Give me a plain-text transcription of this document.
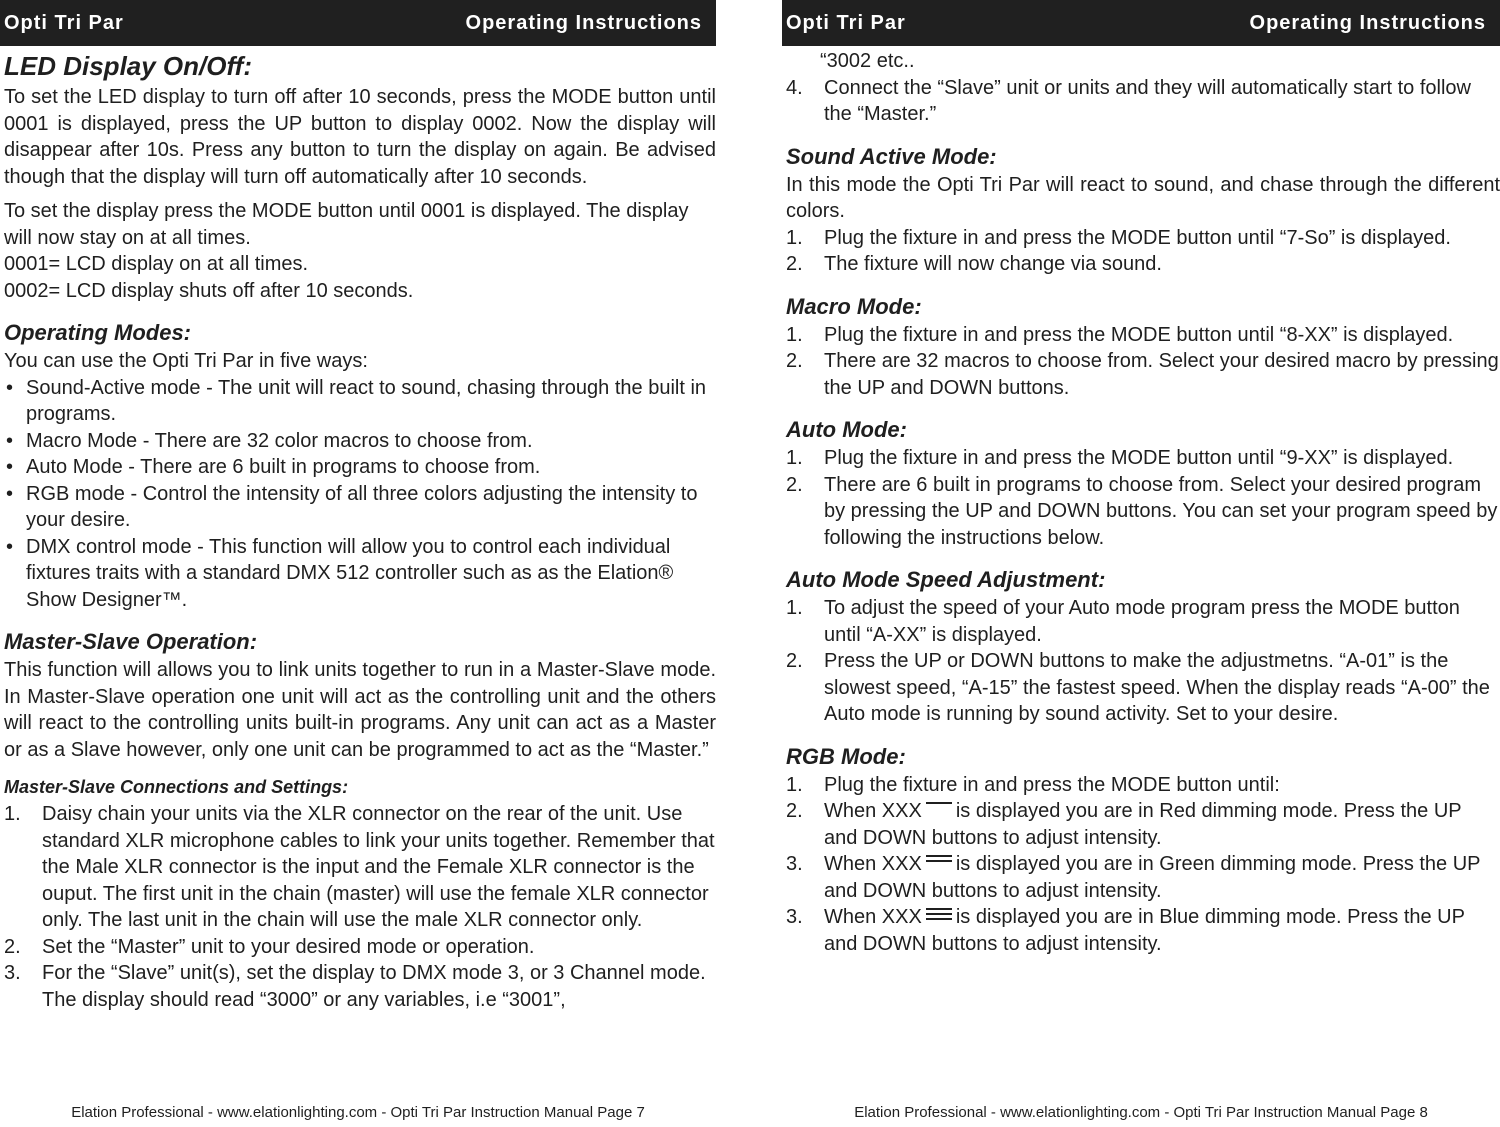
Opti Tri Par	Operating Instructions
LED Display On/Off:

To set the LED display to turn off after 10 seconds, press the MODE button until 0001 is displayed, press the UP button to display 0002. Now the display will disappear after 10s. Press any button to turn the display on again. Be advised though that the display will turn off automatically after 10 seconds.

To set the display press the MODE button until 0001 is displayed. The display will now stay on at all times.

0001= LCD display on at all times.

0002= LCD display shuts off after 10 seconds.

Operating Modes:

You can use the Opti Tri Par in five ways:

• Sound-Active mode - The unit will react to sound, chasing through the built in programs.
• Macro Mode - There are 32 color macros to choose from.
• Auto Mode - There are 6 built in programs to choose from.
• RGB mode - Control the intensity of all three colors adjusting the intensity to your desire.
• DMX control mode - This function will allow you to control each individual fixtures traits with a standard DMX 512 controller such as as the Elation® Show Designer™.
Master-Slave Operation:

This function will allows you to link units together to run in a Master-Slave mode. In Master-Slave operation one unit will act as the controlling unit and the others will react to the controlling units built-in programs. Any unit can act as a Master or as a Slave however, only one unit can be programmed to act as the “Master.”

Master-Slave Connections and Settings:
1.	Daisy chain your units via the XLR connector on the rear of the unit. Use standard XLR microphone cables to link your units together. Remember that the Male XLR connector is the input and the Female XLR connector is the ouput. The first unit in the chain (master) will use the female XLR connector only. The last unit in the chain will use the male XLR connector only.
2.	Set the “Master” unit to your desired mode or operation.
3.	For the “Slave” unit(s), set the display to DMX mode 3, or 3 Channel mode. The display should read “3000” or any variables, i.e “3001”,
Elation Professional - www.elationlighting.com - Opti Tri Par Instruction Manual Page 7
Opti Tri Par	Operating Instructions

“3002 etc..

4.	Connect the “Slave” unit or units and they will automatically start to follow the “Master.”
Sound Active Mode:

In this mode the Opti Tri Par will react to sound, and chase through the different colors.

1.	Plug the fixture in and press the MODE button until “7-So” is displayed.
2.	The fixture will now change via sound.
Macro Mode:
1.	Plug the fixture in and press the MODE button until “8-XX” is displayed.
2.	There are 32 macros to choose from. Select your desired macro by pressing the UP and DOWN buttons.
Auto Mode:
1.	Plug the fixture in and press the MODE button until “9-XX” is displayed.
2.	There are 6 built in programs to choose from. Select your desired program by pressing the UP and DOWN buttons. You can set your program speed by following the instructions below.
Auto Mode Speed Adjustment:
1.	To adjust the speed of your Auto mode program press the MODE button until “A-XX” is displayed.
2.	Press the UP or DOWN buttons to make the adjustmetns. “A-01” is the slowest speed, “A-15” the fastest speed. When the display reads “A-00” the Auto mode is running by sound activity. Set to your desire.
RGB Mode:
1.	Plug the fixture in and press the MODE button until:
2.	When XXX is displayed you are in Red dimming mode. Press the UP and DOWN buttons to adjust intensity.
3.	When XXX is displayed you are in Green dimming mode. Press the UP and DOWN buttons to adjust intensity.
3.	When XXX is displayed you are in Blue dimming mode. Press the UP and DOWN buttons to adjust intensity.
Elation Professional - www.elationlighting.com - Opti Tri Par Instruction Manual Page 8
